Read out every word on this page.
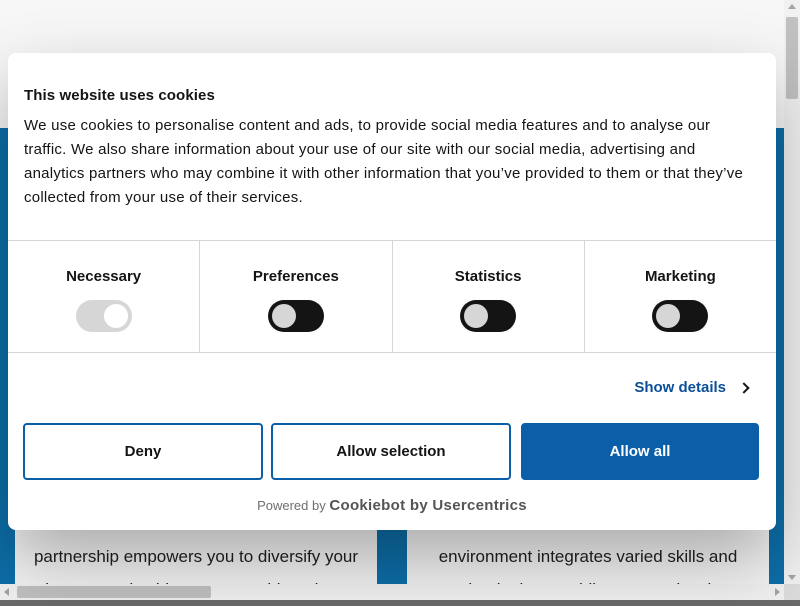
partnership empowers you to diversify your	environment integrates varied skills and
This website uses cookies
We use cookies to personalise content and ads, to provide social media features and to analyse our traffic. We also share information about your use of our site with our social media, advertising and analytics partners who may combine it with other information that you’ve provided to them or that they’ve collected from your use of their services.
Necessary	Preferences	Statistics	Marketing
Show details
Deny	Allow selection	Allow all
Powered by Cookiebot by Usercentrics
